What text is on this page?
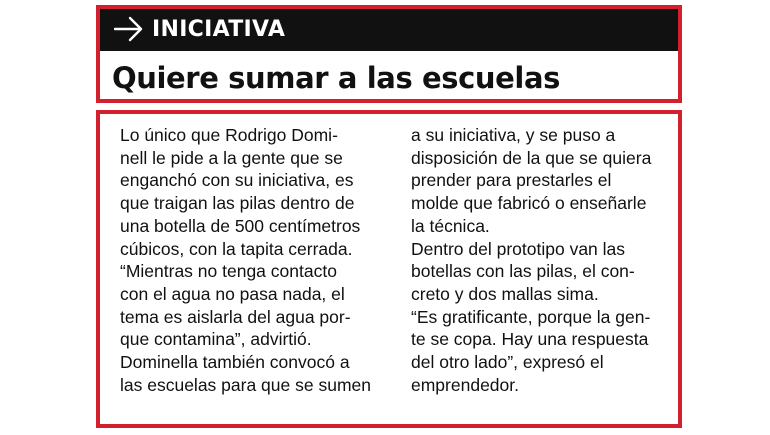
INICIATIVA
Quiere sumar a las escuelas
Lo único que Rodrigo Domi-
nell le pide a la gente que se
enganchó con su iniciativa, es
que traigan las pilas dentro de
una botella de 500 centímetros
cúbicos, con la tapita cerrada.
“Mientras no tenga contacto
con el agua no pasa nada, el
tema es aislarla del agua por-
que contamina”, advirtió.
Dominella también convocó a
las escuelas para que se sumen
a su iniciativa, y se puso a
disposición de la que se quiera
prender para prestarles el
molde que fabricó o enseñarle
la técnica.
Dentro del prototipo van las
botellas con las pilas, el con-
creto y dos mallas sima.
“Es gratificante, porque la gen-
te se copa. Hay una respuesta
del otro lado”, expresó el
emprendedor.
